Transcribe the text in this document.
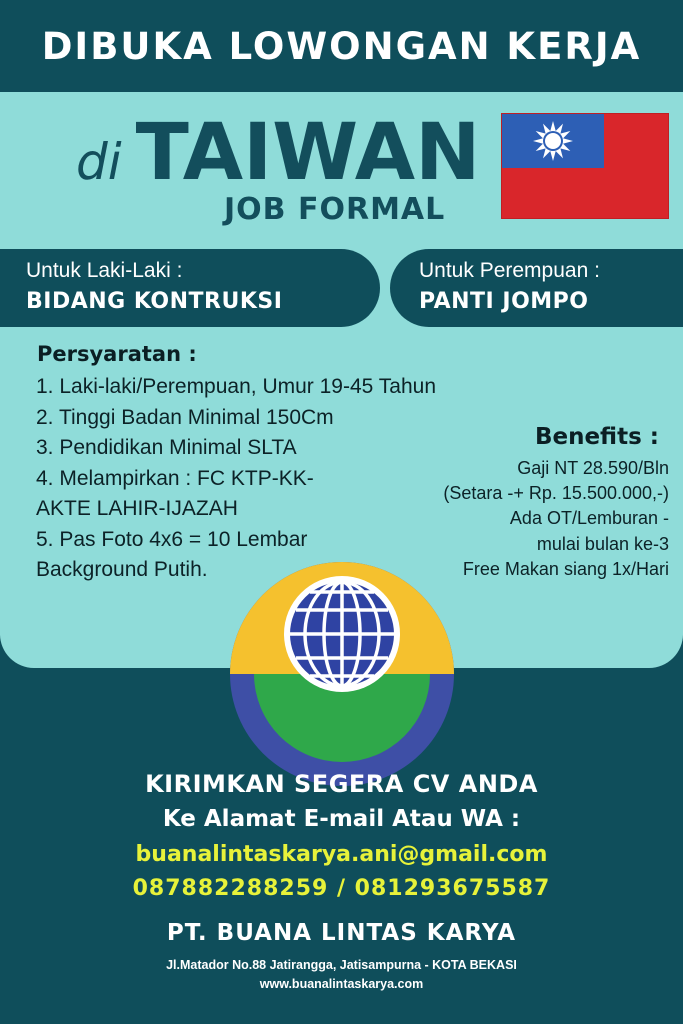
DIBUKA LOWONGAN KERJA
di TAIWAN
JOB FORMAL
Untuk Laki-Laki :
BIDANG KONTRUKSI
Untuk Perempuan :
PANTI JOMPO
Persyaratan :
1. Laki-laki/Perempuan, Umur 19-45 Tahun
2. Tinggi Badan Minimal 150Cm
3. Pendidikan Minimal SLTA
4. Melampirkan : FC KTP-KK-
AKTE LAHIR-IJAZAH
5. Pas Foto 4x6 = 10 Lembar
Background Putih.
Benefits :
Gaji NT 28.590/Bln
(Setara -+ Rp. 15.500.000,-)
Ada OT/Lemburan -
mulai bulan ke-3
Free Makan siang 1x/Hari
KIRIMKAN SEGERA CV ANDA
Ke Alamat E-mail Atau WA :
buanalintaskarya.ani@gmail.com
087882288259 / 081293675587
PT. BUANA LINTAS KARYA
Jl.Matador No.88 Jatirangga, Jatisampurna - KOTA BEKASI
www.buanalintaskarya.com
